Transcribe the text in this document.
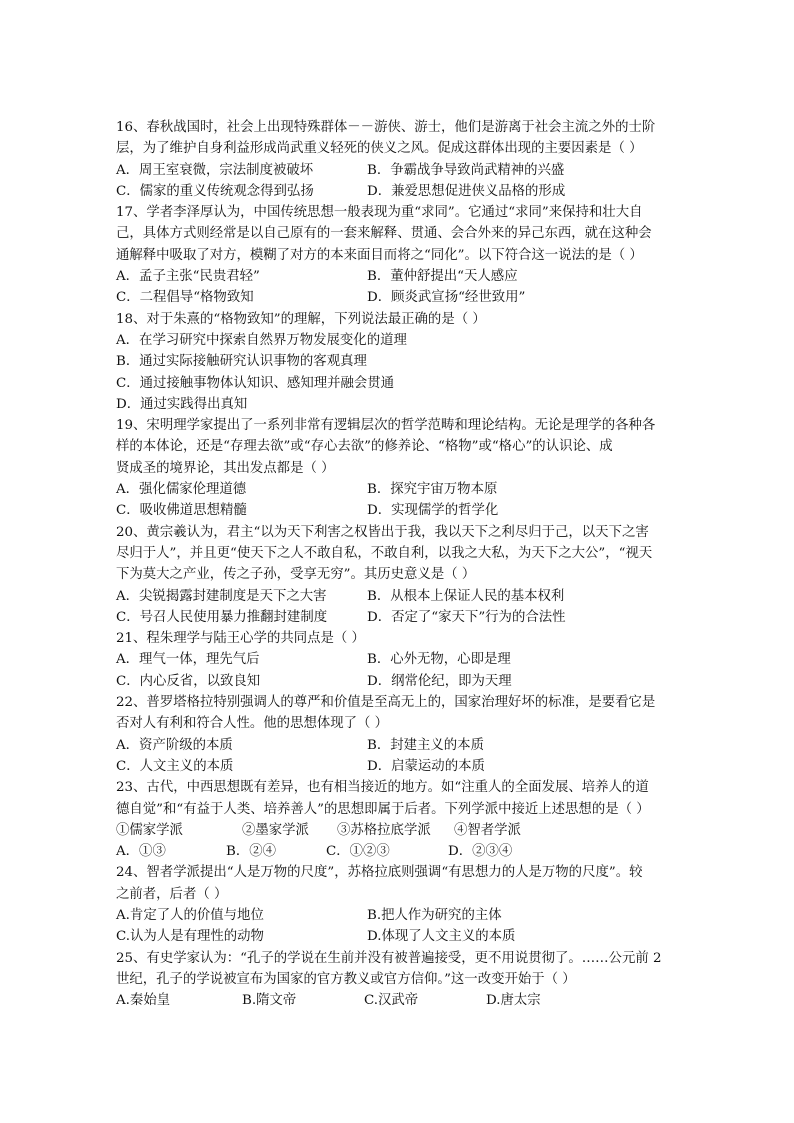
16、春秋战国时，社会上出现特殊群体－－游侠、游士，他们是游离于社会主流之外的士阶
层，为了维护自身利益形成尚武重义轻死的侠义之风。促成这群体出现的主要因素是（ ）
A．周王室衰微，宗法制度被破坏	B．争霸战争导致尚武精神的兴盛
C．儒家的重义传统观念得到弘扬	D．兼爱思想促进侠义品格的形成
17、学者李泽厚认为，中国传统思想一般表现为重“求同”。它通过“求同”来保持和壮大自
己，具体方式则经常是以自己原有的一套来解释、贯通、会合外来的异己东西，就在这种会
通解释中吸取了对方，模糊了对方的本来面目而将之“同化”。以下符合这一说法的是（ ）
A．孟子主张“民贵君轻”	B．董仲舒提出“天人感应
C．二程倡导“格物致知	D．顾炎武宣扬“经世致用”
18、对于朱熹的“格物致知”的理解，下列说法最正确的是（ ）
A．在学习研究中探索自然界万物发展变化的道理
B．通过实际接触研究认识事物的客观真理
C．通过接触事物体认知识、感知理并融会贯通
D．通过实践得出真知
19、宋明理学家提出了一系列非常有逻辑层次的哲学范畴和理论结构。无论是理学的各种各
样的本体论，还是“存理去欲”或“存心去欲”的修养论、“格物”或“格心”的认识论、成
贤成圣的境界论，其出发点都是（ ）
A．强化儒家伦理道德	B．探究宇宙万物本原
C．吸收佛道思想精髓	D．实现儒学的哲学化
20、黄宗羲认为，君主“以为天下利害之权皆出于我，我以天下之利尽归于己，以天下之害
尽归于人”，并且更“使天下之人不敢自私，不敢自利，以我之大私，为天下之大公”，“视天
下为莫大之产业，传之子孙，受享无穷”。其历史意义是（ ）
A．尖锐揭露封建制度是天下之大害	B．从根本上保证人民的基本权利
C．号召人民使用暴力推翻封建制度	D．否定了“家天下”行为的合法性
21、程朱理学与陆王心学的共同点是（ ）
A．理气一体，理先气后	B．心外无物，心即是理
C．内心反省，以致良知	D．纲常伦纪，即为天理
22、普罗塔格拉特别强调人的尊严和价值是至高无上的，国家治理好坏的标准，是要看它是
否对人有利和符合人性。他的思想体现了（ ）
A．资产阶级的本质	B．封建主义的本质
C．人文主义的本质	D．启蒙运动的本质
23、古代，中西思想既有差异，也有相当接近的地方。如“注重人的全面发展、培养人的道
德自觉”和“有益于人类、培养善人”的思想即属于后者。下列学派中接近上述思想的是（ ）
①儒家学派	②墨家学派	③苏格拉底学派	④智者学派
A．①③	B．②④	C．①②③	D．②③④
24、智者学派提出“人是万物的尺度”，苏格拉底则强调“有思想力的人是万物的尺度”。较
之前者，后者（ ）
A.肯定了人的价值与地位	B.把人作为研究的主体
C.认为人是有理性的动物	D.体现了人文主义的本质
25、有史学家认为：“孔子的学说在生前并没有被普遍接受，更不用说贯彻了。……公元前 2
世纪，孔子的学说被宣布为国家的官方教义或官方信仰。”这一改变开始于（ ）
A.秦始皇	B.隋文帝	C.汉武帝	D.唐太宗
